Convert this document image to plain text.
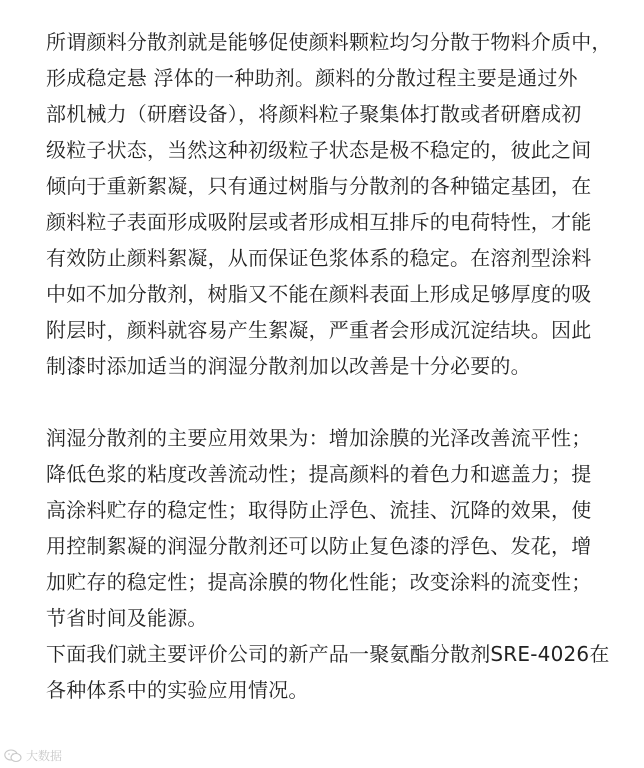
所谓颜料分散剂就是能够促使颜料颗粒均匀分散于物料介质中，
形成稳定悬 浮体的一种助剂。颜料的分散过程主要是通过外
部机械力（研磨设备），将颜料粒子聚集体打散或者研磨成初
级粒子状态，当然这种初级粒子状态是极不稳定的，彼此之间
倾向于重新絮凝，只有通过树脂与分散剂的各种锚定基团，在
颜料粒子表面形成吸附层或者形成相互排斥的电荷特性，才能
有效防止颜料絮凝，从而保证色浆体系的稳定。在溶剂型涂料
中如不加分散剂，树脂又不能在颜料表面上形成足够厚度的吸
附层时，颜料就容易产生絮凝，严重者会形成沉淀结块。因此
制漆时添加适当的润湿分散剂加以改善是十分必要的。
润湿分散剂的主要应用效果为：增加涂膜的光泽改善流平性；
降低色浆的粘度改善流动性；提高颜料的着色力和遮盖力；提
高涂料贮存的稳定性；取得防止浮色、流挂、沉降的效果，使
用控制絮凝的润湿分散剂还可以防止复色漆的浮色、发花，增
加贮存的稳定性；提高涂膜的物化性能；改变涂料的流变性；
节省时间及能源。
下面我们就主要评价公司的新产品一聚氨酯分散剂SRE-4026在
各种体系中的实验应用情况。
大数据
